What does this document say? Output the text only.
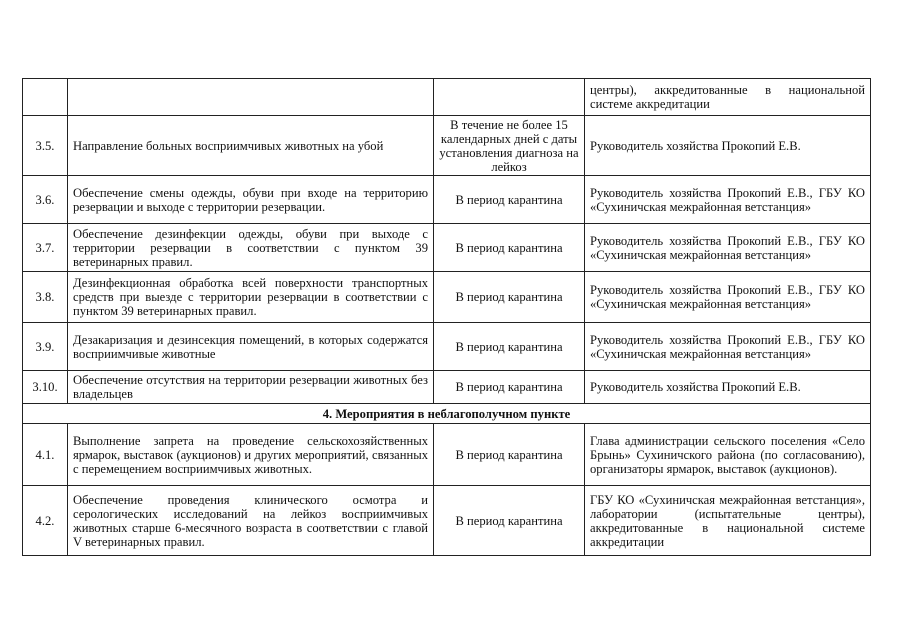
			центры), аккредитованные в национальной системе аккредитации
3.5.	Направление больных восприимчивых животных на убой	В течение не более 15 календарных дней с даты установления диагноза на лейкоз	Руководитель хозяйства Прокопий Е.В.
3.6.	Обеспечение смены одежды, обуви при входе на территорию резервации и выходе с территории резервации.	В период карантина	Руководитель хозяйства Прокопий Е.В., ГБУ КО «Сухиничская межрайонная ветстанция»
3.7.	Обеспечение дезинфекции одежды, обуви при выходе с территории резервации в соответствии с пунктом 39 ветеринарных правил.	В период карантина	Руководитель хозяйства Прокопий Е.В., ГБУ КО «Сухиничская межрайонная ветстанция»
3.8.	Дезинфекционная обработка всей поверхности транспортных средств при выезде с территории резервации в соответствии с пунктом 39 ветеринарных правил.	В период карантина	Руководитель хозяйства Прокопий Е.В., ГБУ КО «Сухиничская межрайонная ветстанция»
3.9.	Дезакаризация и дезинсекция помещений, в которых содержатся восприимчивые животные	В период карантина	Руководитель хозяйства Прокопий Е.В., ГБУ КО «Сухиничская межрайонная ветстанция»
3.10.	Обеспечение отсутствия на территории резервации животных без владельцев	В период карантина	Руководитель хозяйства Прокопий Е.В.
4. Мероприятия в неблагополучном пункте			
4.1.	Выполнение запрета на проведение сельскохозяйственных ярмарок, выставок (аукционов) и других мероприятий, связанных с перемещением восприимчивых животных.	В период карантина	Глава администрации сельского поселения «Село Брынь» Сухиничского района (по согласованию), организаторы ярмарок, выставок (аукционов).
4.2.	Обеспечение проведения клинического осмотра и серологических исследований на лейкоз восприимчивых животных старше 6-месячного возраста в соответствии с главой V ветеринарных правил.	В период карантина	ГБУ КО «Сухиничская межрайонная ветстанция», лаборатории (испытательные центры), аккредитованные в национальной системе аккредитации
